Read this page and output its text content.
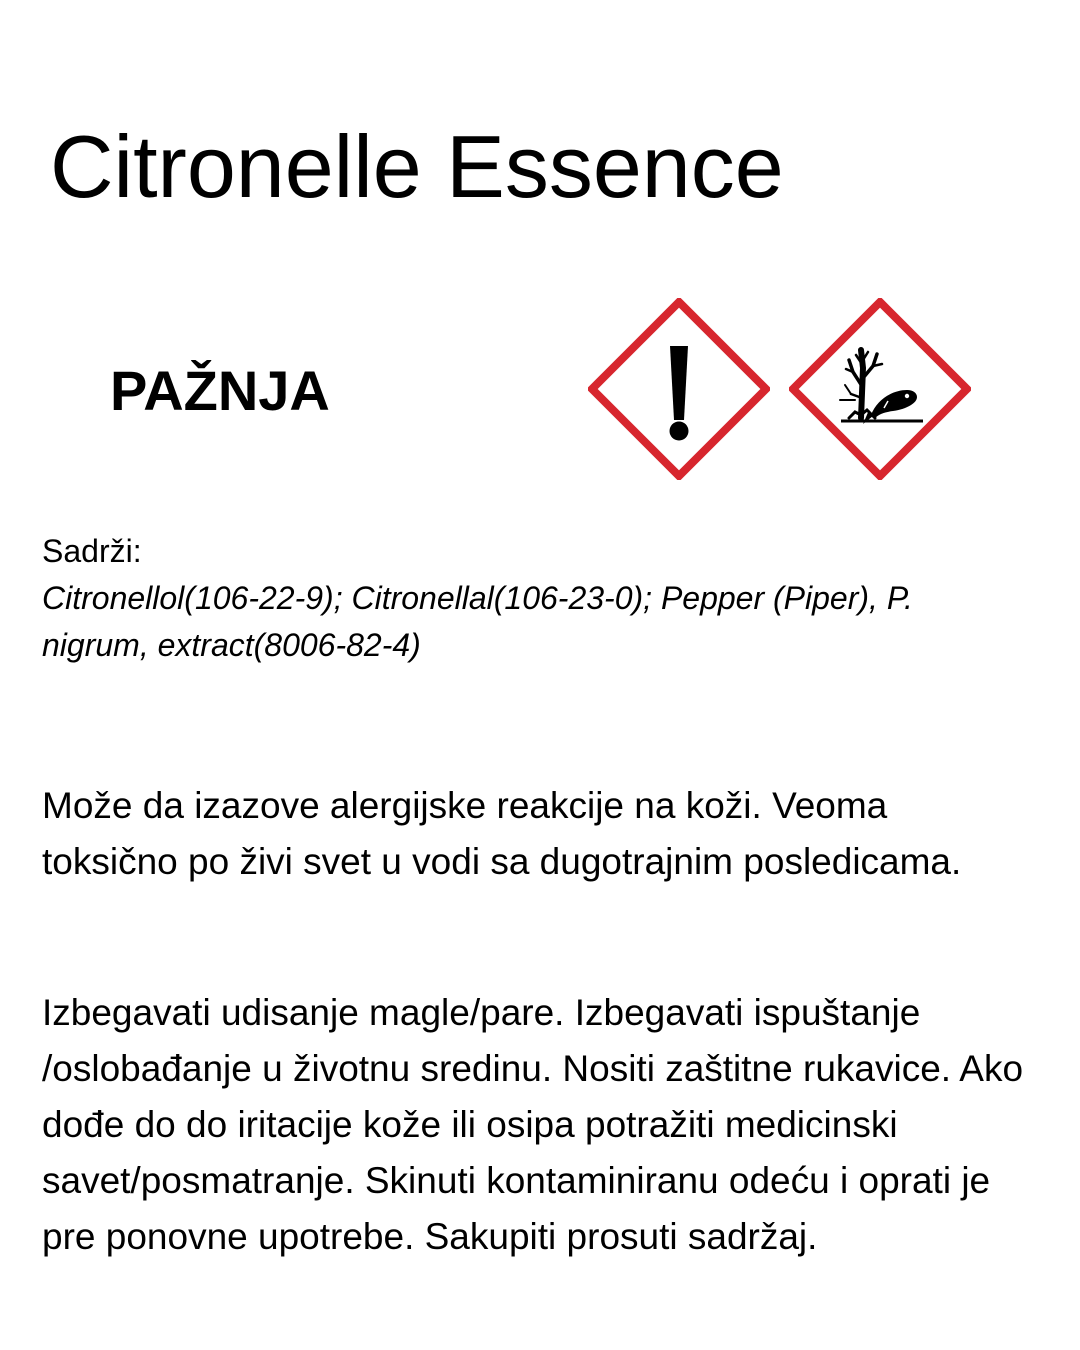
Citronelle Essence
PAŽNJA
Sadrži:
Citronellol(106-22-9); Citronellal(106-23-0); Pepper (Piper), P. nigrum, extract(8006-82-4)

Može da izazove alergijske reakcije na koži. Veoma toksično po živi svet u vodi sa dugotrajnim posledicama.

Izbegavati udisanje magle/pare. Izbegavati ispuštanje /oslobađanje u životnu sredinu. Nositi zaštitne rukavice. Ako dođe do do iritacije kože ili osipa potražiti medicinski savet/posmatranje. Skinuti kontaminiranu odeću i oprati je pre ponovne upotrebe. Sakupiti prosuti sadržaj.
